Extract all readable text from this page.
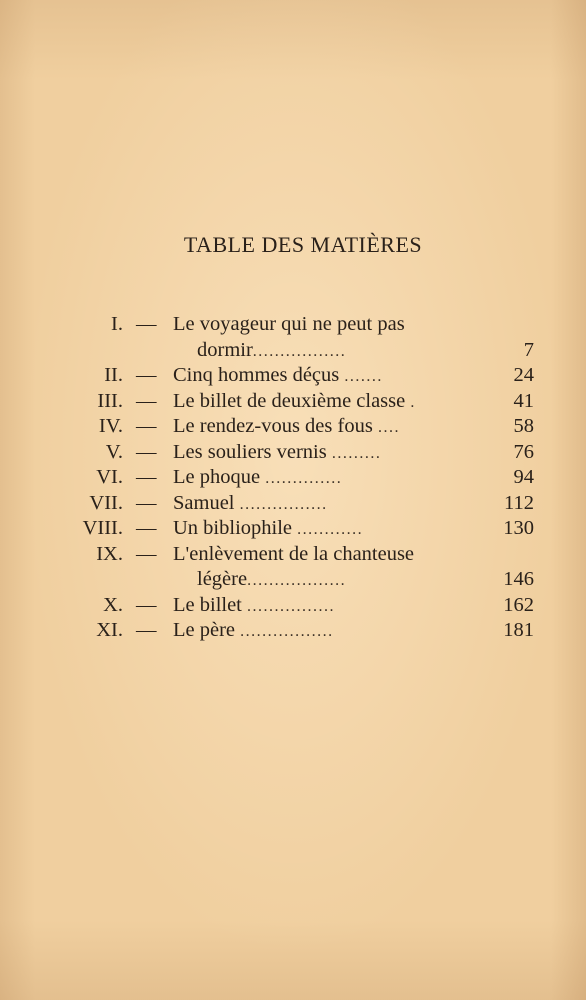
TABLE DES MATIÈRES
I. — Le voyageur qui ne peut pas
dormir.................	7
II. — Cinq hommes déçus .......	24
III. — Le billet de deuxième classe .	41
IV. — Le rendez-vous des fous ....	58
V. — Les souliers vernis .........	76
VI. — Le phoque ..............	94
VII. — Samuel ................	112
VIII. — Un bibliophile ............	130
IX. — L'enlèvement de la chanteuse
légère..................	146
X. — Le billet ................	162
XI. — Le père .................	181
